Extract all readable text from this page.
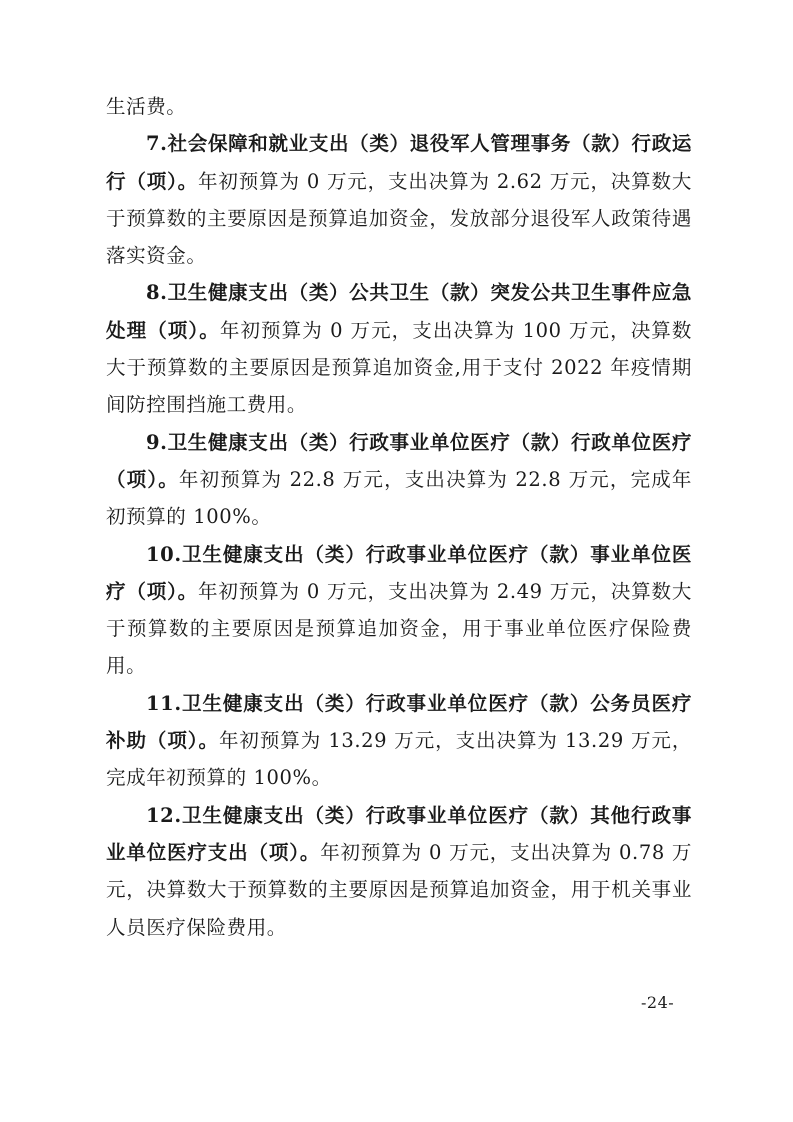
生活费。

7.社会保障和就业支出（类）退役军人管理事务（款）行政运行（项）。年初预算为 0 万元，支出决算为 2.62 万元，决算数大于预算数的主要原因是预算追加资金，发放部分退役军人政策待遇落实资金。

8.卫生健康支出（类）公共卫生（款）突发公共卫生事件应急处理（项）。年初预算为 0 万元，支出决算为 100 万元，决算数大于预算数的主要原因是预算追加资金,用于支付 2022 年疫情期间防控围挡施工费用。

9.卫生健康支出（类）行政事业单位医疗（款）行政单位医疗（项）。年初预算为 22.8 万元，支出决算为 22.8 万元，完成年初预算的 100%。

10.卫生健康支出（类）行政事业单位医疗（款）事业单位医疗（项）。年初预算为 0 万元，支出决算为 2.49 万元，决算数大于预算数的主要原因是预算追加资金，用于事业单位医疗保险费用。

11.卫生健康支出（类）行政事业单位医疗（款）公务员医疗补助（项）。年初预算为 13.29 万元，支出决算为 13.29 万元，完成年初预算的 100%。

12.卫生健康支出（类）行政事业单位医疗（款）其他行政事业单位医疗支出（项）。年初预算为 0 万元，支出决算为 0.78 万元，决算数大于预算数的主要原因是预算追加资金，用于机关事业人员医疗保险费用。

-24-
